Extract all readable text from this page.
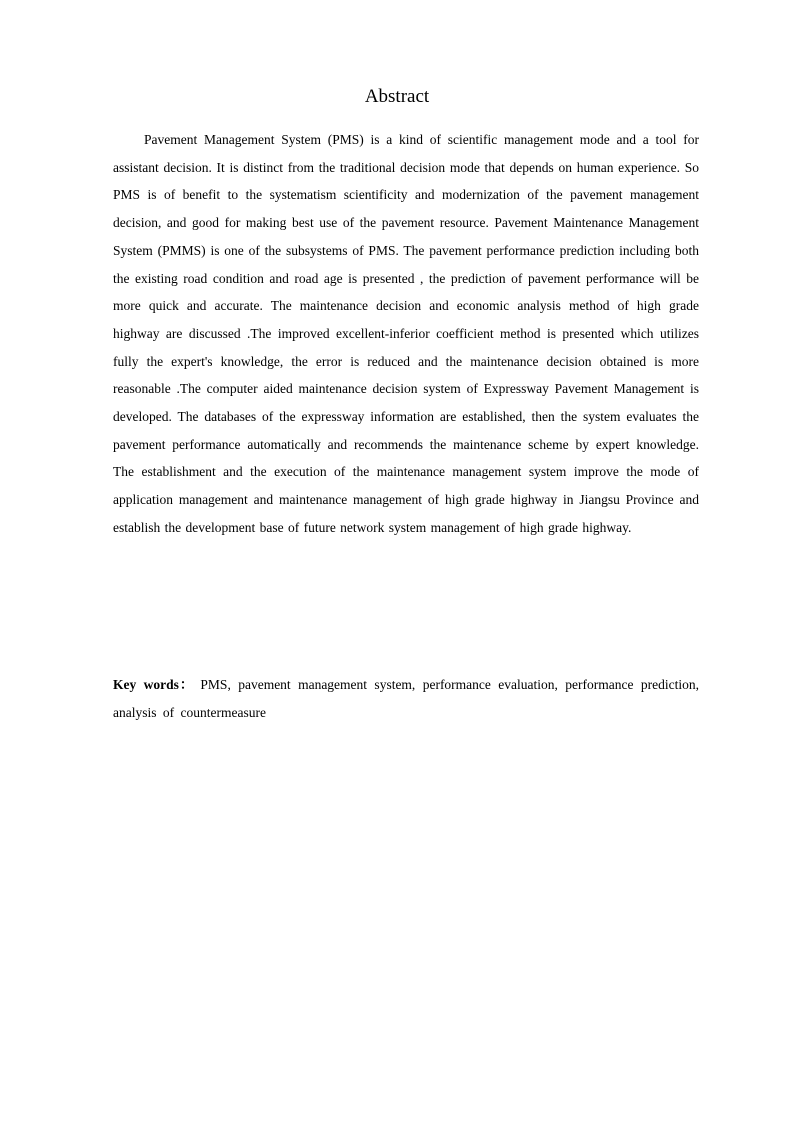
Abstract

Pavement Management System (PMS) is a kind of scientific management mode and a tool for assistant decision. It is distinct from the traditional decision mode that depends on human experience. So PMS is of benefit to the systematism scientificity and modernization of the pavement management decision, and good for making best use of the pavement resource. Pavement Maintenance Management System (PMMS) is one of the subsystems of PMS. The pavement performance prediction including both the existing road condition and road age is presented , the prediction of pavement performance will be more quick and accurate. The maintenance decision and economic analysis method of high grade highway are discussed .The improved excellent-inferior coefficient method is presented which utilizes fully the expert's knowledge, the error is reduced and the maintenance decision obtained is more reasonable .The computer aided maintenance decision system of Expressway Pavement Management is developed. The databases of the expressway information are established, then the system evaluates the pavement performance automatically and recommends the maintenance scheme by expert knowledge. The establishment and the execution of the maintenance management system improve the mode of application management and maintenance management of high grade highway in Jiangsu Province and establish the development base of future network system management of high grade highway.

Key words： PMS, pavement management system, performance evaluation, performance prediction, analysis of countermeasure
